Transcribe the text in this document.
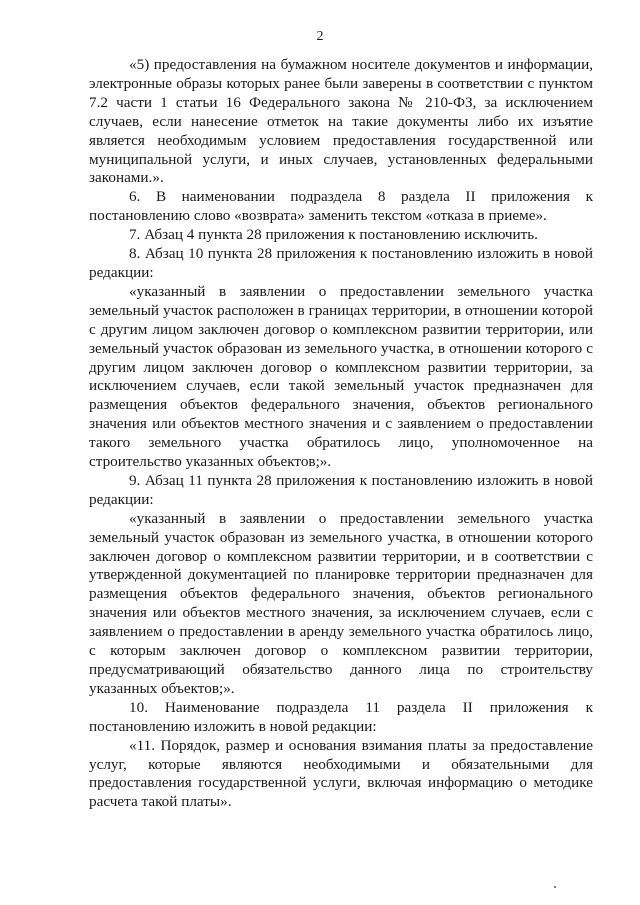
2

«5) предоставления на бумажном носителе документов и информации, электронные образы которых ранее были заверены в соответствии с пунктом 7.2 части 1 статьи 16 Федерального закона № 210-ФЗ, за исключением случаев, если нанесение отметок на такие документы либо их изъятие является необходимым условием предоставления государственной или муниципальной услуги, и иных случаев, установленных федеральными законами.».

6. В наименовании подраздела 8 раздела II приложения к постановлению слово «возврата» заменить текстом «отказа в приеме».

7. Абзац 4 пункта 28 приложения к постановлению исключить.

8. Абзац 10 пункта 28 приложения к постановлению изложить в новой редакции:

«указанный в заявлении о предоставлении земельного участка земельный участок расположен в границах территории, в отношении которой с другим лицом заключен договор о комплексном развитии территории, или земельный участок образован из земельного участка, в отношении которого с другим лицом заключен договор о комплексном развитии территории, за исключением случаев, если такой земельный участок предназначен для размещения объектов федерального значения, объектов регионального значения или объектов местного значения и с заявлением о предоставлении такого земельного участка обратилось лицо, уполномоченное на строительство указанных объектов;».

9. Абзац 11 пункта 28 приложения к постановлению изложить в новой редакции:

«указанный в заявлении о предоставлении земельного участка земельный участок образован из земельного участка, в отношении которого заключен договор о комплексном развитии территории, и в соответствии с утвержденной документацией по планировке территории предназначен для размещения объектов федерального значения, объектов регионального значения или объектов местного значения, за исключением случаев, если с заявлением о предоставлении в аренду земельного участка обратилось лицо, с которым заключен договор о комплексном развитии территории, предусматривающий обязательство данного лица по строительству указанных объектов;».

10. Наименование подраздела 11 раздела II приложения к постановлению изложить в новой редакции:

«11. Порядок, размер и основания взимания платы за предоставление услуг, которые являются необходимыми и обязательными для предоставления государственной услуги, включая информацию о методике расчета такой платы».
